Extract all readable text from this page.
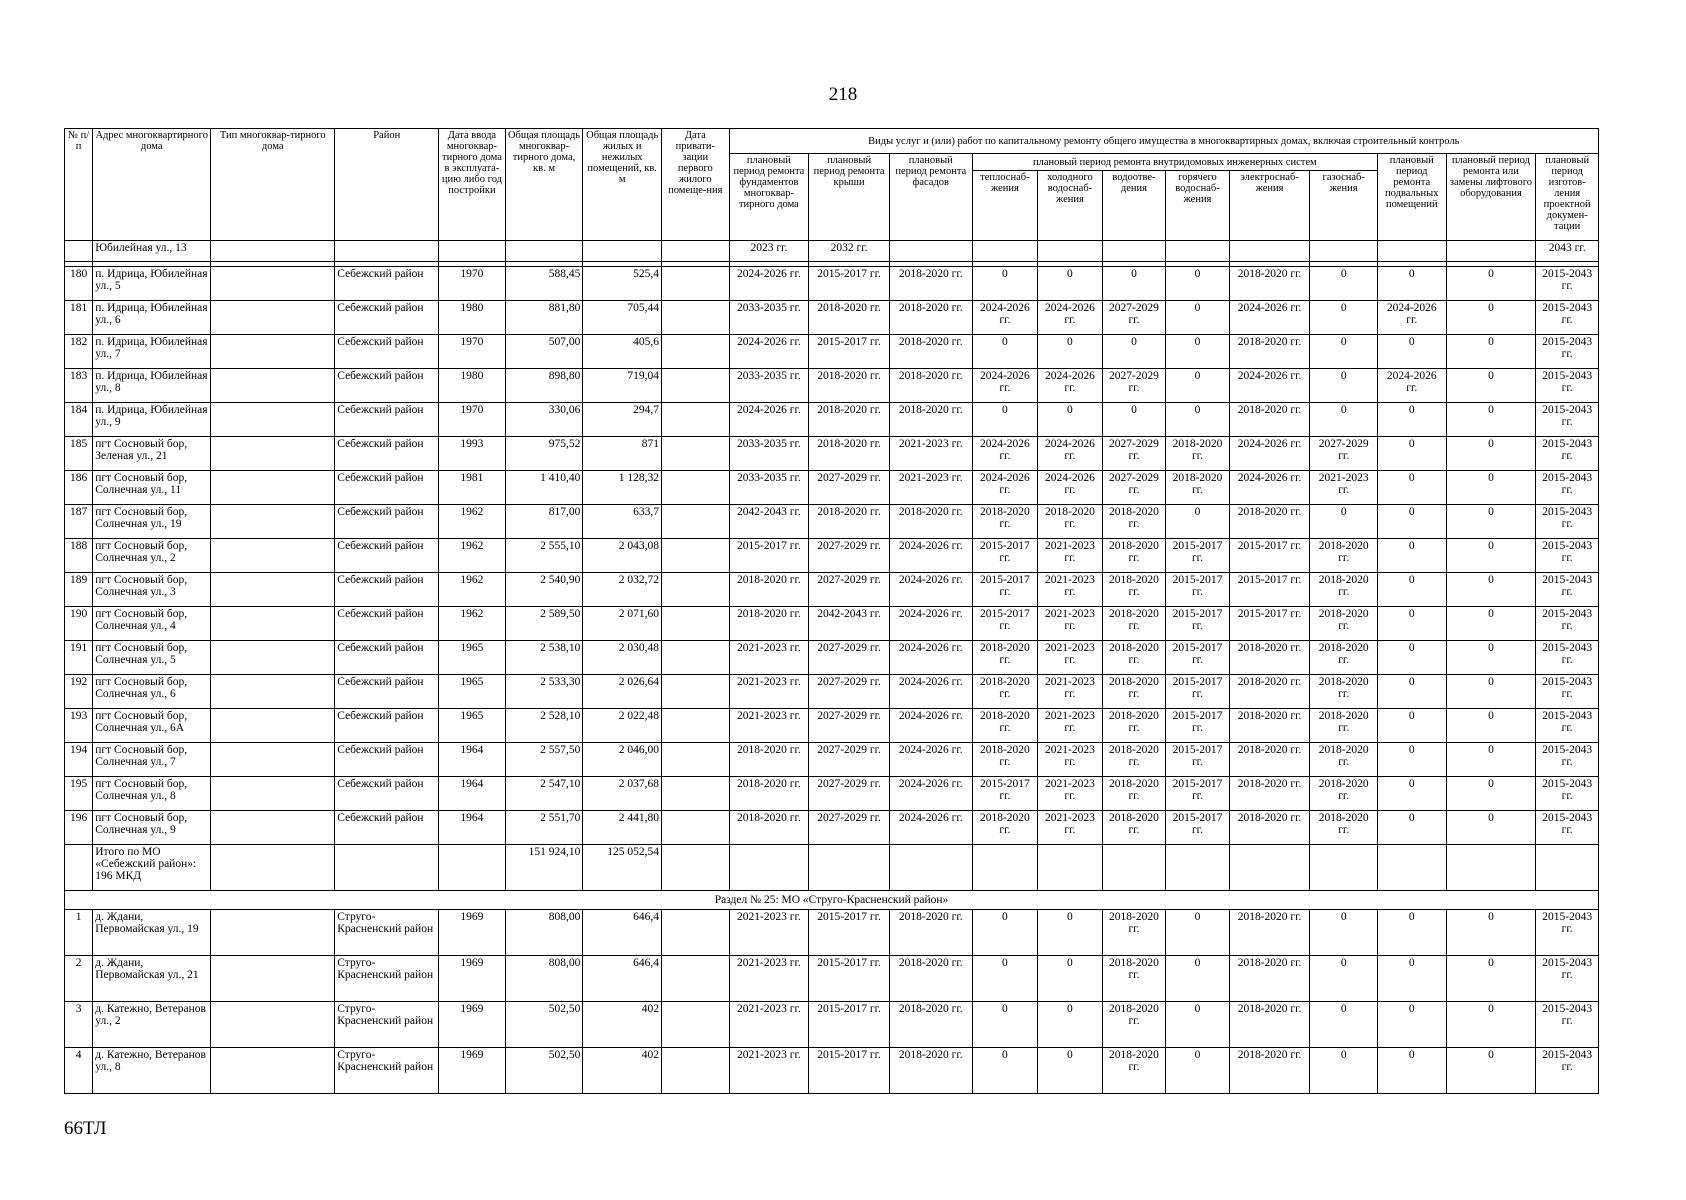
218
№ п/п	Адрес многоквартирного дома	Тип многоквар-тирного дома	Район	Дата ввода многоквар-тирного дома в эксплуата-цию либо год постройки	Общая площадь многоквар-тирного дома, кв. м	Общая площадь жилых и нежилых помещений, кв. м	Дата привати-зации первого жилого помеще-ния	Виды услуг и (или) работ по капитальному ремонту общего имущества в многоквартирных домах, включая строительный контроль											
								плановый период ремонта фундаментов многоквар-тирного дома	плановый период ремонта крыши	плановый период ремонта фасадов	плановый период ремонта внутридомовых инженерных систем						плановый период ремонта подвальных помещений	плановый период ремонта или замены лифтового оборудования	плановый период изготов-ления проектной докумен-тации
											теплоснаб-жения	холодного водоснаб-жения	водоотве-дения	горячего водоснаб-жения	электроснаб-жения	газоснаб-жения			
	Юбилейная ул., 13							2023 гг.	2032 гг.										2043 гг.

180	п. Идрица, Юбилейная ул., 5		Себежский район	1970	588,45	525,4		2024-2026 гг.	2015-2017 гг.	2018-2020 гг.	0	0	0	0	2018-2020 гг.	0	0	0	2015-2043 гг.
181	п. Идрица, Юбилейная ул., 6		Себежский район	1980	881,80	705,44		2033-2035 гг.	2018-2020 гг.	2018-2020 гг.	2024-2026 гг.	2024-2026 гг.	2027-2029 гг.	0	2024-2026 гг.	0	2024-2026 гг.	0	2015-2043 гг.
182	п. Идрица, Юбилейная ул., 7		Себежский район	1970	507,00	405,6		2024-2026 гг.	2015-2017 гг.	2018-2020 гг.	0	0	0	0	2018-2020 гг.	0	0	0	2015-2043 гг.
183	п. Идрица, Юбилейная ул., 8		Себежский район	1980	898,80	719,04		2033-2035 гг.	2018-2020 гг.	2018-2020 гг.	2024-2026 гг.	2024-2026 гг.	2027-2029 гг.	0	2024-2026 гг.	0	2024-2026 гг.	0	2015-2043 гг.
184	п. Идрица, Юбилейная ул., 9		Себежский район	1970	330,06	294,7		2024-2026 гг.	2018-2020 гг.	2018-2020 гг.	0	0	0	0	2018-2020 гг.	0	0	0	2015-2043 гг.
185	пгт Сосновый бор, Зеленая ул., 21		Себежский район	1993	975,52	871		2033-2035 гг.	2018-2020 гг.	2021-2023 гг.	2024-2026 гг.	2024-2026 гг.	2027-2029 гг.	2018-2020 гг.	2024-2026 гг.	2027-2029 гг.	0	0	2015-2043 гг.
186	пгт Сосновый бор, Солнечная ул., 11		Себежский район	1981	1 410,40	1 128,32		2033-2035 гг.	2027-2029 гг.	2021-2023 гг.	2024-2026 гг.	2024-2026 гг.	2027-2029 гг.	2018-2020 гг.	2024-2026 гг.	2021-2023 гг.	0	0	2015-2043 гг.
187	пгт Сосновый бор, Солнечная ул., 19		Себежский район	1962	817,00	633,7		2042-2043 гг.	2018-2020 гг.	2018-2020 гг.	2018-2020 гг.	2018-2020 гг.	2018-2020 гг.	0	2018-2020 гг.	0	0	0	2015-2043 гг.
188	пгт Сосновый бор, Солнечная ул., 2		Себежский район	1962	2 555,10	2 043,08		2015-2017 гг.	2027-2029 гг.	2024-2026 гг.	2015-2017 гг.	2021-2023 гг.	2018-2020 гг.	2015-2017 гг.	2015-2017 гг.	2018-2020 гг.	0	0	2015-2043 гг.
189	пгт Сосновый бор, Солнечная ул., 3		Себежский район	1962	2 540,90	2 032,72		2018-2020 гг.	2027-2029 гг.	2024-2026 гг.	2015-2017 гг.	2021-2023 гг.	2018-2020 гг.	2015-2017 гг.	2015-2017 гг.	2018-2020 гг.	0	0	2015-2043 гг.
190	пгт Сосновый бор, Солнечная ул., 4		Себежский район	1962	2 589,50	2 071,60		2018-2020 гг.	2042-2043 гг.	2024-2026 гг.	2015-2017 гг.	2021-2023 гг.	2018-2020 гг.	2015-2017 гг.	2015-2017 гг.	2018-2020 гг.	0	0	2015-2043 гг.
191	пгт Сосновый бор, Солнечная ул., 5		Себежский район	1965	2 538,10	2 030,48		2021-2023 гг.	2027-2029 гг.	2024-2026 гг.	2018-2020 гг.	2021-2023 гг.	2018-2020 гг.	2015-2017 гг.	2018-2020 гг.	2018-2020 гг.	0	0	2015-2043 гг.
192	пгт Сосновый бор, Солнечная ул., 6		Себежский район	1965	2 533,30	2 026,64		2021-2023 гг.	2027-2029 гг.	2024-2026 гг.	2018-2020 гг.	2021-2023 гг.	2018-2020 гг.	2015-2017 гг.	2018-2020 гг.	2018-2020 гг.	0	0	2015-2043 гг.
193	пгт Сосновый бор, Солнечная ул., 6А		Себежский район	1965	2 528,10	2 022,48		2021-2023 гг.	2027-2029 гг.	2024-2026 гг.	2018-2020 гг.	2021-2023 гг.	2018-2020 гг.	2015-2017 гг.	2018-2020 гг.	2018-2020 гг.	0	0	2015-2043 гг.
194	пгт Сосновый бор, Солнечная ул., 7		Себежский район	1964	2 557,50	2 046,00		2018-2020 гг.	2027-2029 гг.	2024-2026 гг.	2018-2020 гг.	2021-2023 гг.	2018-2020 гг.	2015-2017 гг.	2018-2020 гг.	2018-2020 гг.	0	0	2015-2043 гг.
195	пгт Сосновый бор, Солнечная ул., 8		Себежский район	1964	2 547,10	2 037,68		2018-2020 гг.	2027-2029 гг.	2024-2026 гг.	2015-2017 гг.	2021-2023 гг.	2018-2020 гг.	2015-2017 гг.	2018-2020 гг.	2018-2020 гг.	0	0	2015-2043 гг.
196	пгт Сосновый бор, Солнечная ул., 9		Себежский район	1964	2 551,70	2 441,80		2018-2020 гг.	2027-2029 гг.	2024-2026 гг.	2018-2020 гг.	2021-2023 гг.	2018-2020 гг.	2015-2017 гг.	2018-2020 гг.	2018-2020 гг.	0	0	2015-2043 гг.
	Итого по МО «Себежский район»: 196 МКД				151 924,10	125 052,54													
Раздел № 25: МО «Струго-Красненский район»																			
1	д. Ждани, Первомайская ул., 19		Струго-Красненский район	1969	808,00	646,4		2021-2023 гг.	2015-2017 гг.	2018-2020 гг.	0	0	2018-2020 гг.	0	2018-2020 гг.	0	0	0	2015-2043 гг.
2	д. Ждани, Первомайская ул., 21		Струго-Красненский район	1969	808,00	646,4		2021-2023 гг.	2015-2017 гг.	2018-2020 гг.	0	0	2018-2020 гг.	0	2018-2020 гг.	0	0	0	2015-2043 гг.
3	д. Катежно, Ветеранов ул., 2		Струго-Красненский район	1969	502,50	402		2021-2023 гг.	2015-2017 гг.	2018-2020 гг.	0	0	2018-2020 гг.	0	2018-2020 гг.	0	0	0	2015-2043 гг.
4	д. Катежно, Ветеранов ул., 8		Струго-Красненский район	1969	502,50	402		2021-2023 гг.	2015-2017 гг.	2018-2020 гг.	0	0	2018-2020 гг.	0	2018-2020 гг.	0	0	0	2015-2043 гг.
66ТЛ
